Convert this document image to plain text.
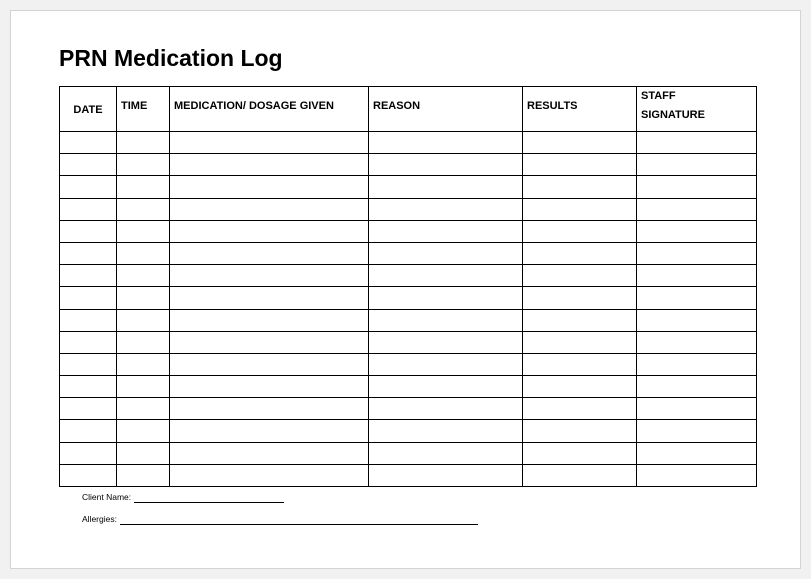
PRN Medication Log
DATE	TIME	MEDICATION/ DOSAGE GIVEN	REASON	RESULTS	STAFF
SIGNATURE

Client Name:
Allergies:
